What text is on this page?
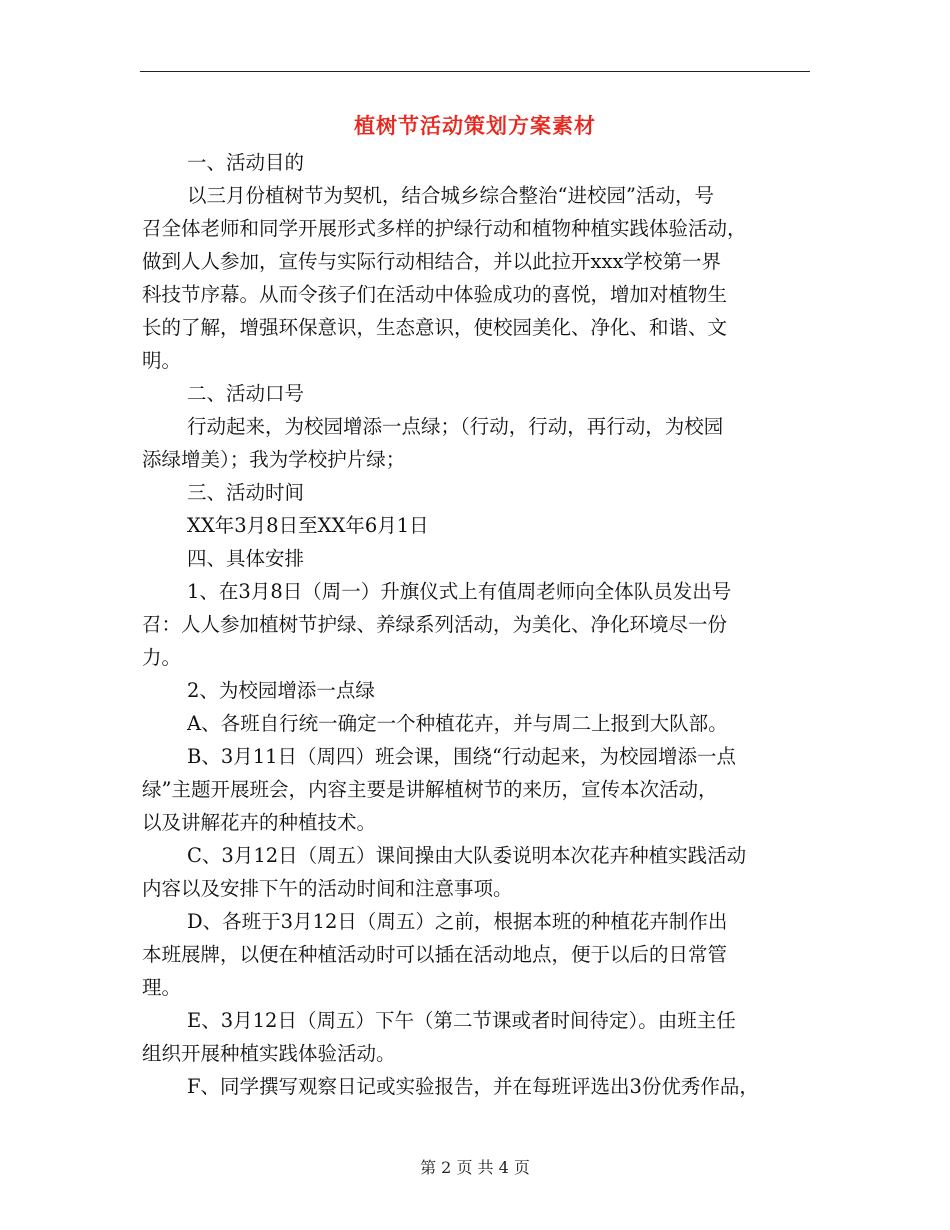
植树节活动策划方案素材
一、活动目的
以三月份植树节为契机，结合城乡综合整治“进校园”活动，号
召全体老师和同学开展形式多样的护绿行动和植物种植实践体验活动，
做到人人参加，宣传与实际行动相结合，并以此拉开xxx学校第一界
科技节序幕。从而令孩子们在活动中体验成功的喜悦，增加对植物生
长的了解，增强环保意识，生态意识，使校园美化、净化、和谐、文
明。
二、活动口号
行动起来，为校园增添一点绿；（行动，行动，再行动，为校园
添绿增美）；我为学校护片绿；
三、活动时间
XX年3月8日至XX年6月1日
四、具体安排
1、在3月8日（周一）升旗仪式上有值周老师向全体队员发出号
召：人人参加植树节护绿、养绿系列活动，为美化、净化环境尽一份
力。
2、为校园增添一点绿
A、各班自行统一确定一个种植花卉，并与周二上报到大队部。
B、3月11日（周四）班会课，围绕“行动起来，为校园增添一点
绿”主题开展班会，内容主要是讲解植树节的来历，宣传本次活动，
以及讲解花卉的种植技术。
C、3月12日（周五）课间操由大队委说明本次花卉种植实践活动
内容以及安排下午的活动时间和注意事项。
D、各班于3月12日（周五）之前，根据本班的种植花卉制作出
本班展牌，以便在种植活动时可以插在活动地点，便于以后的日常管
理。
E、3月12日（周五）下午（第二节课或者时间待定）。由班主任
组织开展种植实践体验活动。
F、同学撰写观察日记或实验报告，并在每班评选出3份优秀作品，
第 2 页 共 4 页
